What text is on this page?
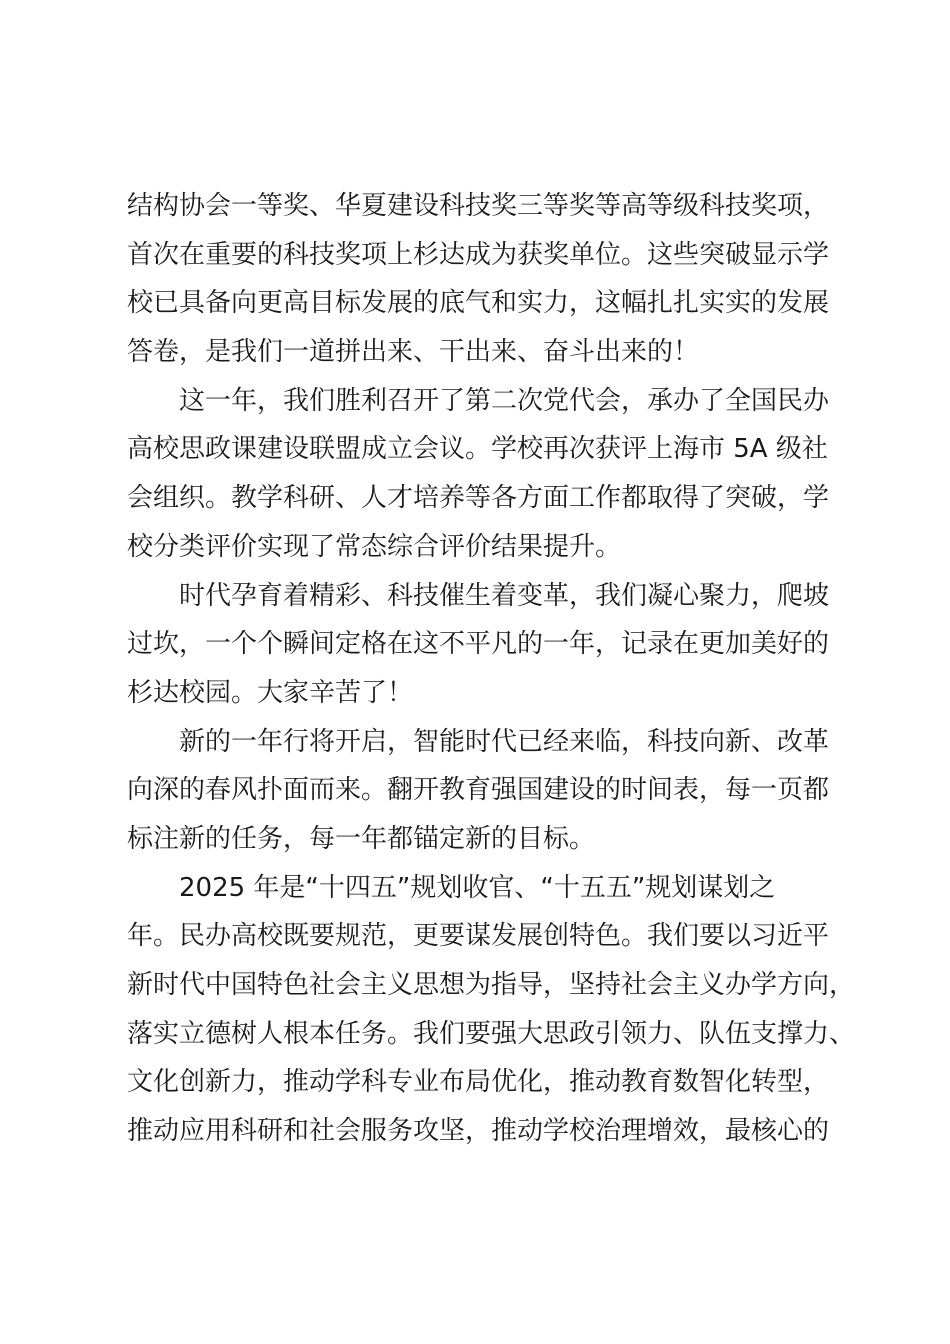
结构协会一等奖、华夏建设科技奖三等奖等高等级科技奖项，
首次在重要的科技奖项上杉达成为获奖单位。这些突破显示学
校已具备向更高目标发展的底气和实力，这幅扎扎实实的发展
答卷，是我们一道拼出来、干出来、奋斗出来的！
这一年，我们胜利召开了第二次党代会，承办了全国民办
高校思政课建设联盟成立会议。学校再次获评上海市 5A 级社
会组织。教学科研、人才培养等各方面工作都取得了突破，学
校分类评价实现了常态综合评价结果提升。
时代孕育着精彩、科技催生着变革，我们凝心聚力，爬坡
过坎，一个个瞬间定格在这不平凡的一年，记录在更加美好的
杉达校园。大家辛苦了！
新的一年行将开启，智能时代已经来临，科技向新、改革
向深的春风扑面而来。翻开教育强国建设的时间表，每一页都
标注新的任务，每一年都锚定新的目标。
2025 年是“十四五”规划收官、“十五五”规划谋划之
年。民办高校既要规范，更要谋发展创特色。我们要以习近平
新时代中国特色社会主义思想为指导，坚持社会主义办学方向，
落实立德树人根本任务。我们要强大思政引领力、队伍支撑力、
文化创新力，推动学科专业布局优化，推动教育数智化转型，
推动应用科研和社会服务攻坚，推动学校治理增效，最核心的
